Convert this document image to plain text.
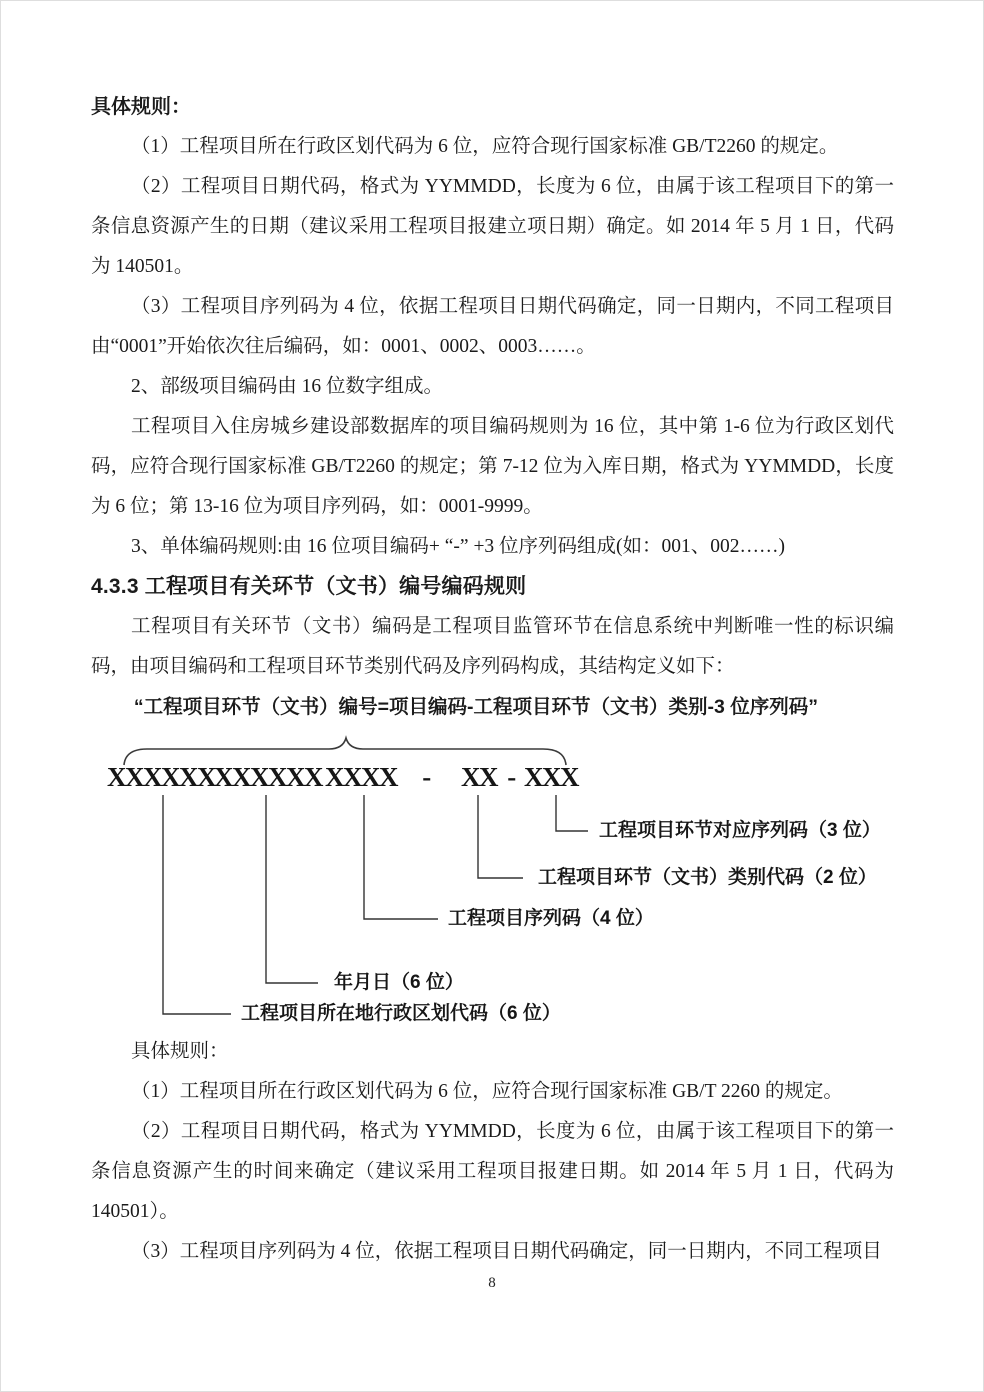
具体规则：

（1）工程项目所在行政区划代码为 6 位，应符合现行国家标准 GB/T2260 的规定。

（2）工程项目日期代码，格式为 YYMMDD，长度为 6 位，由属于该工程项目下的第一条信息资源产生的日期（建议采用工程项目报建立项日期）确定。如 2014 年 5 月 1 日，代码为 140501。

（3）工程项目序列码为 4 位，依据工程项目日期代码确定，同一日期内，不同工程项目由“0001”开始依次往后编码，如：0001、0002、0003……。

2、部级项目编码由 16 位数字组成。

工程项目入住房城乡建设部数据库的项目编码规则为 16 位，其中第 1-6 位为行政区划代码，应符合现行国家标准 GB/T2260 的规定；第 7-12 位为入库日期，格式为 YYMMDD，长度为 6 位；第 13-16 位为项目序列码，如：0001-9999。

3、单体编码规则:由 16 位项目编码+ “-” +3 位序列码组成(如：001、002……)

4.3.3 工程项目有关环节（文书）编号编码规则

工程项目有关环节（文书）编码是工程项目监管环节在信息系统中判断唯一性的标识编码，由项目编码和工程项目环节类别代码及序列码构成，其结构定义如下：

“工程项目环节（文书）编号=项目编码-工程项目环节（文书）类别-3 位序列码”

XXXXXX XXXXXX XXXX - XX - XXX
工程项目环节对应序列码（3 位）
工程项目环节（文书）类别代码（2 位）
工程项目序列码（4 位）
年月日（6 位）
工程项目所在地行政区划代码（6 位）

具体规则：

（1）工程项目所在行政区划代码为 6 位，应符合现行国家标准 GB/T 2260 的规定。

（2）工程项目日期代码，格式为 YYMMDD，长度为 6 位，由属于该工程项目下的第一条信息资源产生的时间来确定（建议采用工程项目报建日期。如 2014 年 5 月 1 日，代码为 140501）。

（3）工程项目序列码为 4 位，依据工程项目日期代码确定，同一日期内，不同工程项目

8
